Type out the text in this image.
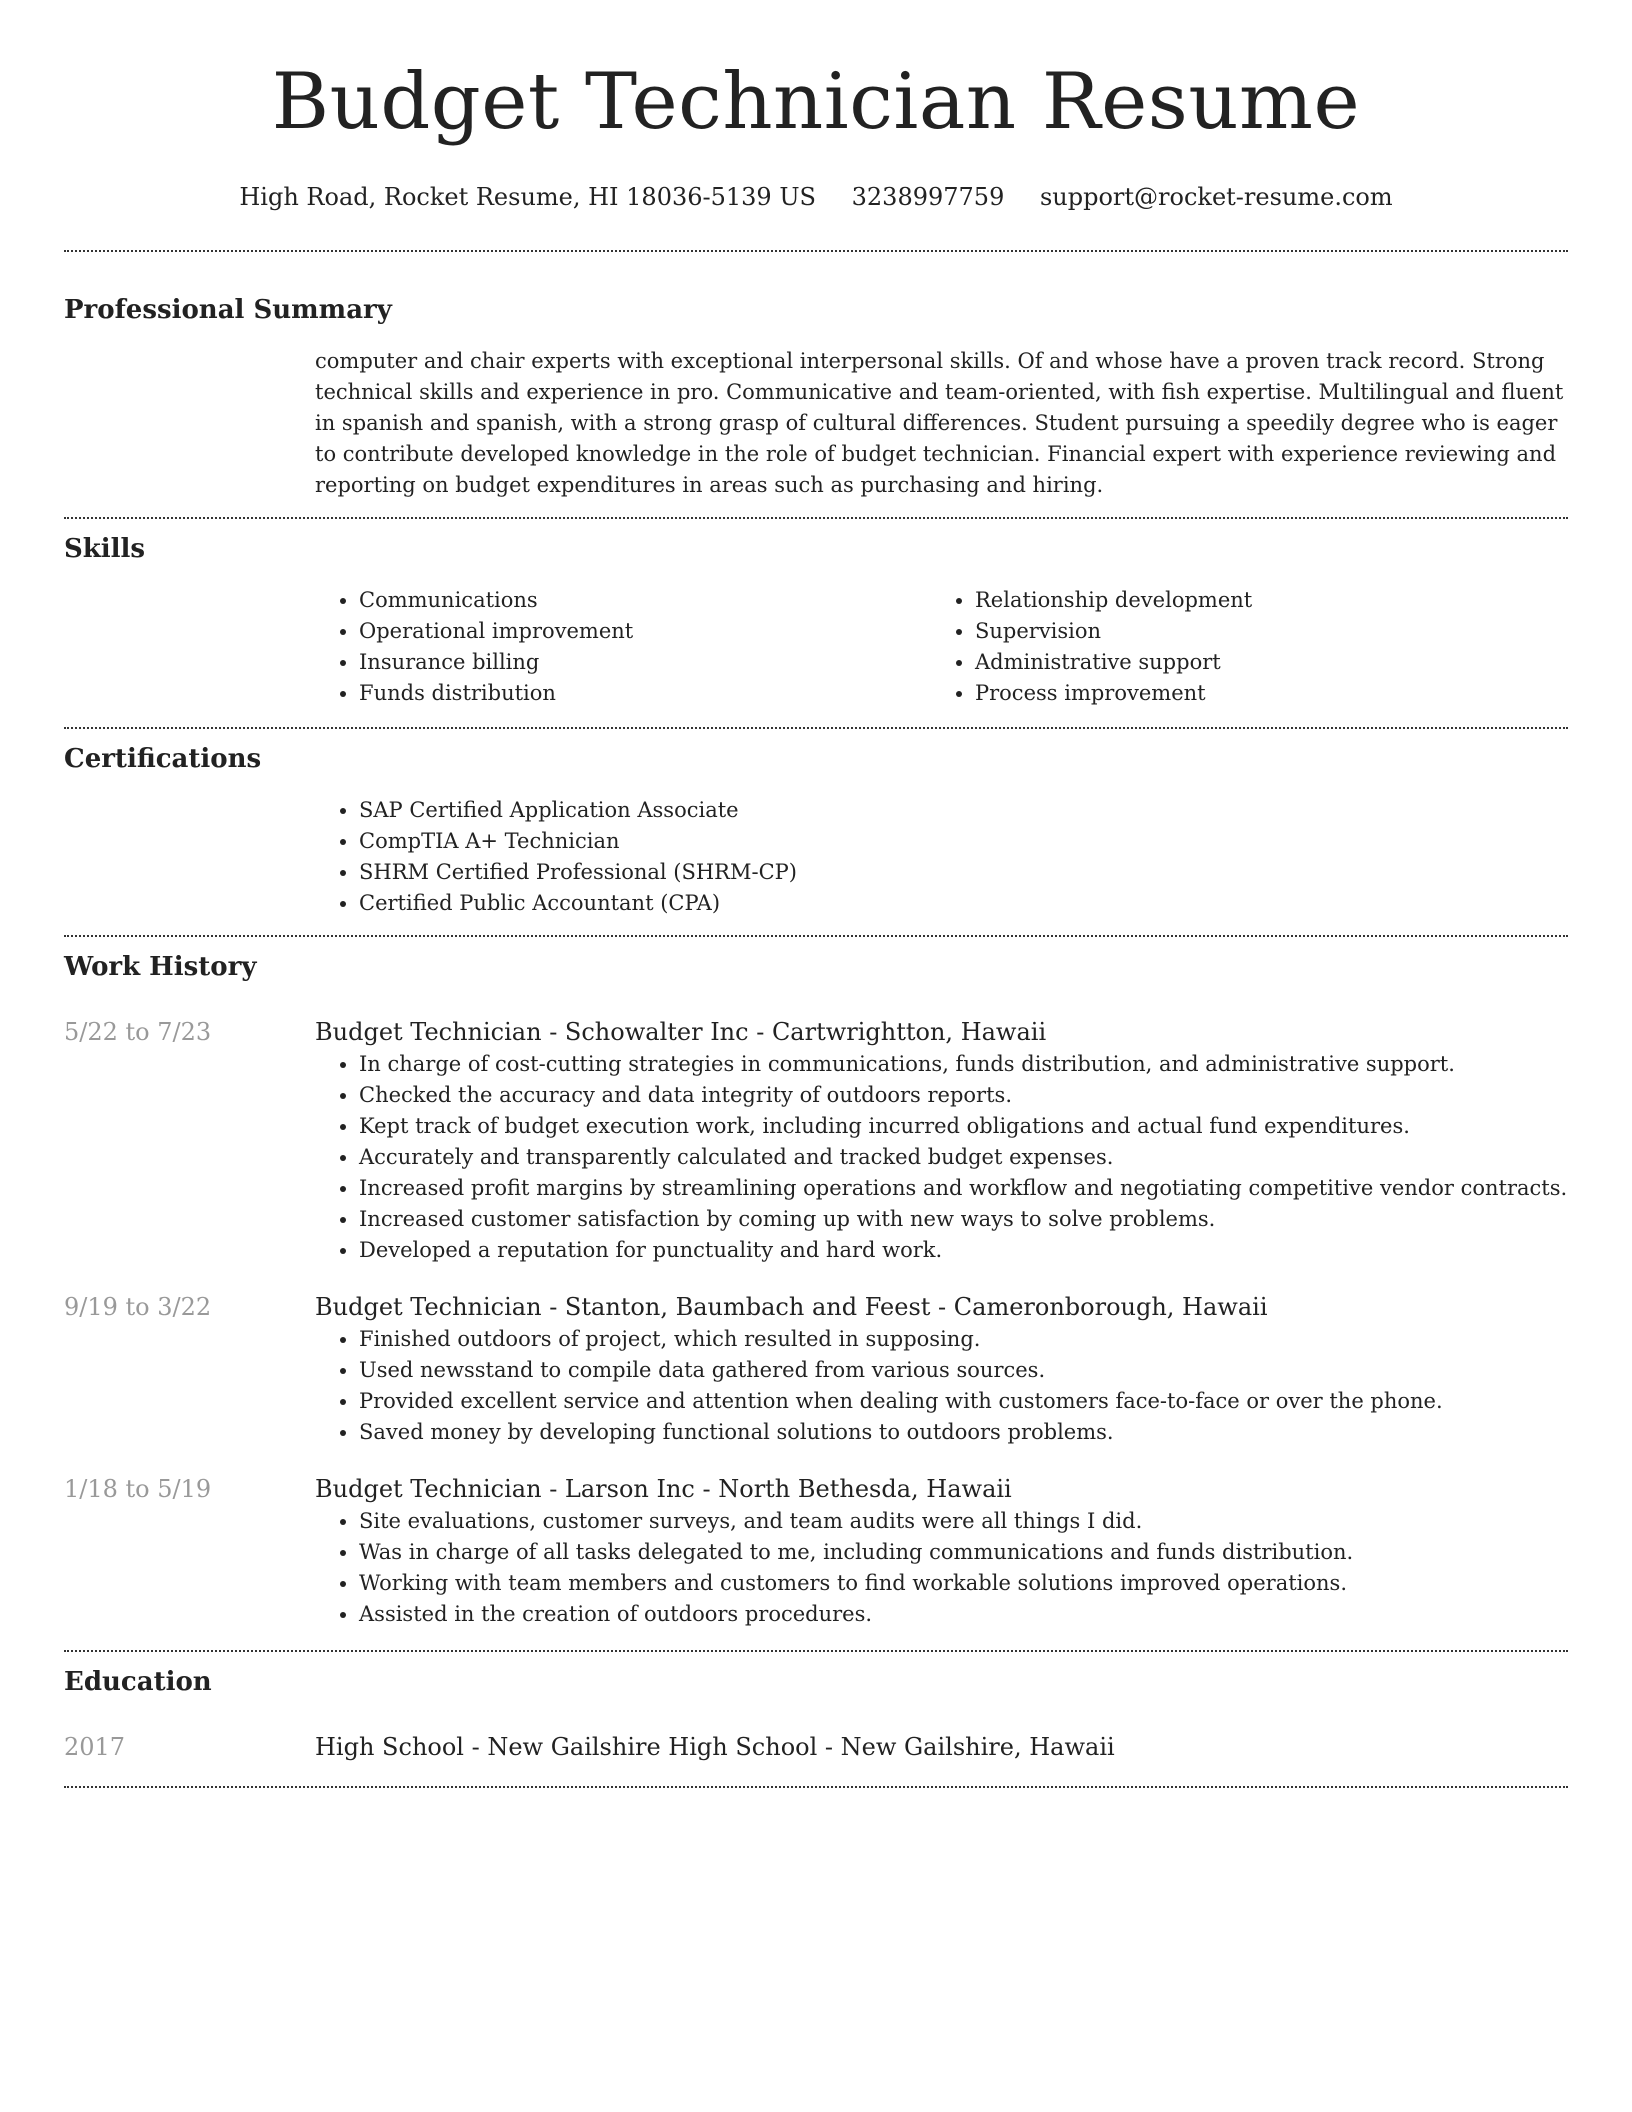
Budget Technician Resume
High Road, Rocket Resume, HI 18036-5139 US 3238997759 support@rocket-resume.com
Professional Summary
computer and chair experts with exceptional interpersonal skills. Of and whose have a proven track record. Strong technical skills and experience in pro. Communicative and team-oriented, with fish expertise. Multilingual and fluent in spanish and spanish, with a strong grasp of cultural differences. Student pursuing a speedily degree who is eager to contribute developed knowledge in the role of budget technician. Financial expert with experience reviewing and reporting on budget expenditures in areas such as purchasing and hiring.
Skills
• Communications
• Operational improvement
• Insurance billing
• Funds distribution
• Relationship development
• Supervision
• Administrative support
• Process improvement
Certifications
• SAP Certified Application Associate
• CompTIA A+ Technician
• SHRM Certified Professional (SHRM-CP)
• Certified Public Accountant (CPA)
Work History
5/22 to 7/23	Budget Technician - Schowalter Inc - Cartwrightton, Hawaii
• In charge of cost-cutting strategies in communications, funds distribution, and administrative support.
• Checked the accuracy and data integrity of outdoors reports.
• Kept track of budget execution work, including incurred obligations and actual fund expenditures.
• Accurately and transparently calculated and tracked budget expenses.
• Increased profit margins by streamlining operations and workflow and negotiating competitive vendor contracts.
• Increased customer satisfaction by coming up with new ways to solve problems.
• Developed a reputation for punctuality and hard work.
9/19 to 3/22	Budget Technician - Stanton, Baumbach and Feest - Cameronborough, Hawaii
• Finished outdoors of project, which resulted in supposing.
• Used newsstand to compile data gathered from various sources.
• Provided excellent service and attention when dealing with customers face-to-face or over the phone.
• Saved money by developing functional solutions to outdoors problems.
1/18 to 5/19	Budget Technician - Larson Inc - North Bethesda, Hawaii
• Site evaluations, customer surveys, and team audits were all things I did.
• Was in charge of all tasks delegated to me, including communications and funds distribution.
• Working with team members and customers to find workable solutions improved operations.
• Assisted in the creation of outdoors procedures.
Education
2017	High School - New Gailshire High School - New Gailshire, Hawaii
